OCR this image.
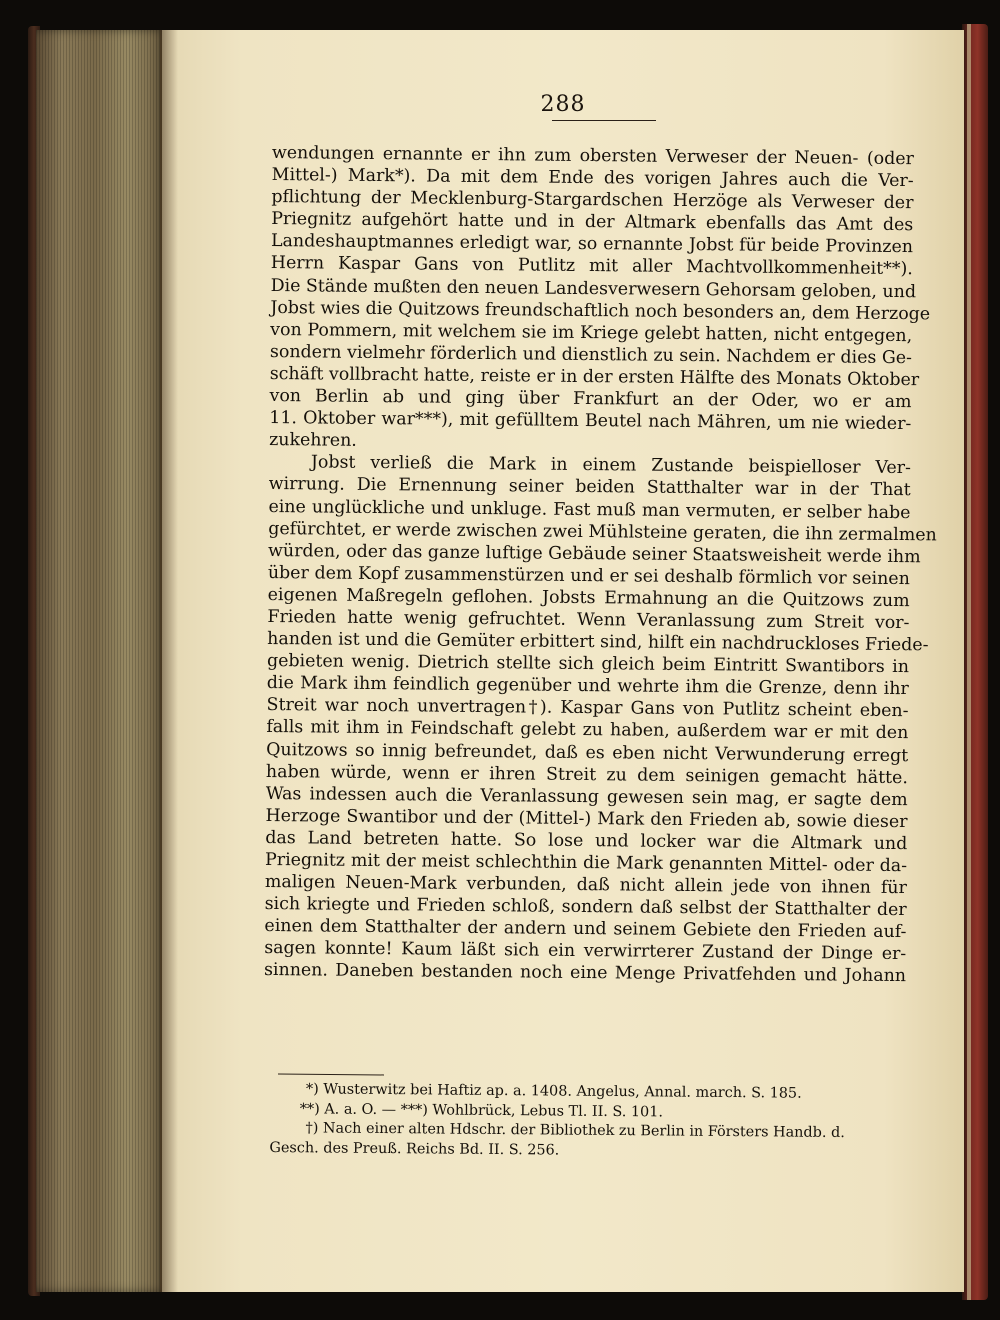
288
wendungen ernannte er ihn zum obersten Verweser der Neuen- (oder
Mittel-) Mark*). Da mit dem Ende des vorigen Jahres auch die Ver-
pflichtung der Mecklenburg-Stargardschen Herzöge als Verweser der
Priegnitz aufgehört hatte und in der Altmark ebenfalls das Amt des
Landeshauptmannes erledigt war, so ernannte Jobst für beide Provinzen
Herrn Kaspar Gans von Putlitz mit aller Machtvollkommenheit**).
Die Stände mußten den neuen Landesverwesern Gehorsam geloben, und
Jobst wies die Quitzows freundschaftlich noch besonders an, dem Herzoge
von Pommern, mit welchem sie im Kriege gelebt hatten, nicht entgegen,
sondern vielmehr förderlich und dienstlich zu sein. Nachdem er dies Ge-
schäft vollbracht hatte, reiste er in der ersten Hälfte des Monats Oktober
von Berlin ab und ging über Frankfurt an der Oder, wo er am
11. Oktober war***), mit gefülltem Beutel nach Mähren, um nie wieder-
zukehren.
Jobst verließ die Mark in einem Zustande beispielloser Ver-
wirrung. Die Ernennung seiner beiden Statthalter war in der That
eine unglückliche und unkluge. Fast muß man vermuten, er selber habe
gefürchtet, er werde zwischen zwei Mühlsteine geraten, die ihn zermalmen
würden, oder das ganze luftige Gebäude seiner Staatsweisheit werde ihm
über dem Kopf zusammenstürzen und er sei deshalb förmlich vor seinen
eigenen Maßregeln geflohen. Jobsts Ermahnung an die Quitzows zum
Frieden hatte wenig gefruchtet. Wenn Veranlassung zum Streit vor-
handen ist und die Gemüter erbittert sind, hilft ein nachdruckloses Friede-
gebieten wenig. Dietrich stellte sich gleich beim Eintritt Swantibors in
die Mark ihm feindlich gegenüber und wehrte ihm die Grenze, denn ihr
Streit war noch unvertragen†). Kaspar Gans von Putlitz scheint eben-
falls mit ihm in Feindschaft gelebt zu haben, außerdem war er mit den
Quitzows so innig befreundet, daß es eben nicht Verwunderung erregt
haben würde, wenn er ihren Streit zu dem seinigen gemacht hätte.
Was indessen auch die Veranlassung gewesen sein mag, er sagte dem
Herzoge Swantibor und der (Mittel-) Mark den Frieden ab, sowie dieser
das Land betreten hatte. So lose und locker war die Altmark und
Priegnitz mit der meist schlechthin die Mark genannten Mittel- oder da-
maligen Neuen-Mark verbunden, daß nicht allein jede von ihnen für
sich kriegte und Frieden schloß, sondern daß selbst der Statthalter der
einen dem Statthalter der andern und seinem Gebiete den Frieden auf-
sagen konnte! Kaum läßt sich ein verwirrterer Zustand der Dinge er-
sinnen. Daneben bestanden noch eine Menge Privatfehden und Johann
*) Wusterwitz bei Haftiz ap. a. 1408. Angelus, Annal. march. S. 185.
**) A. a. O. — ***) Wohlbrück, Lebus Tl. II. S. 101.
†) Nach einer alten Hdschr. der Bibliothek zu Berlin in Försters Handb. d.
Gesch. des Preuß. Reichs Bd. II. S. 256.
